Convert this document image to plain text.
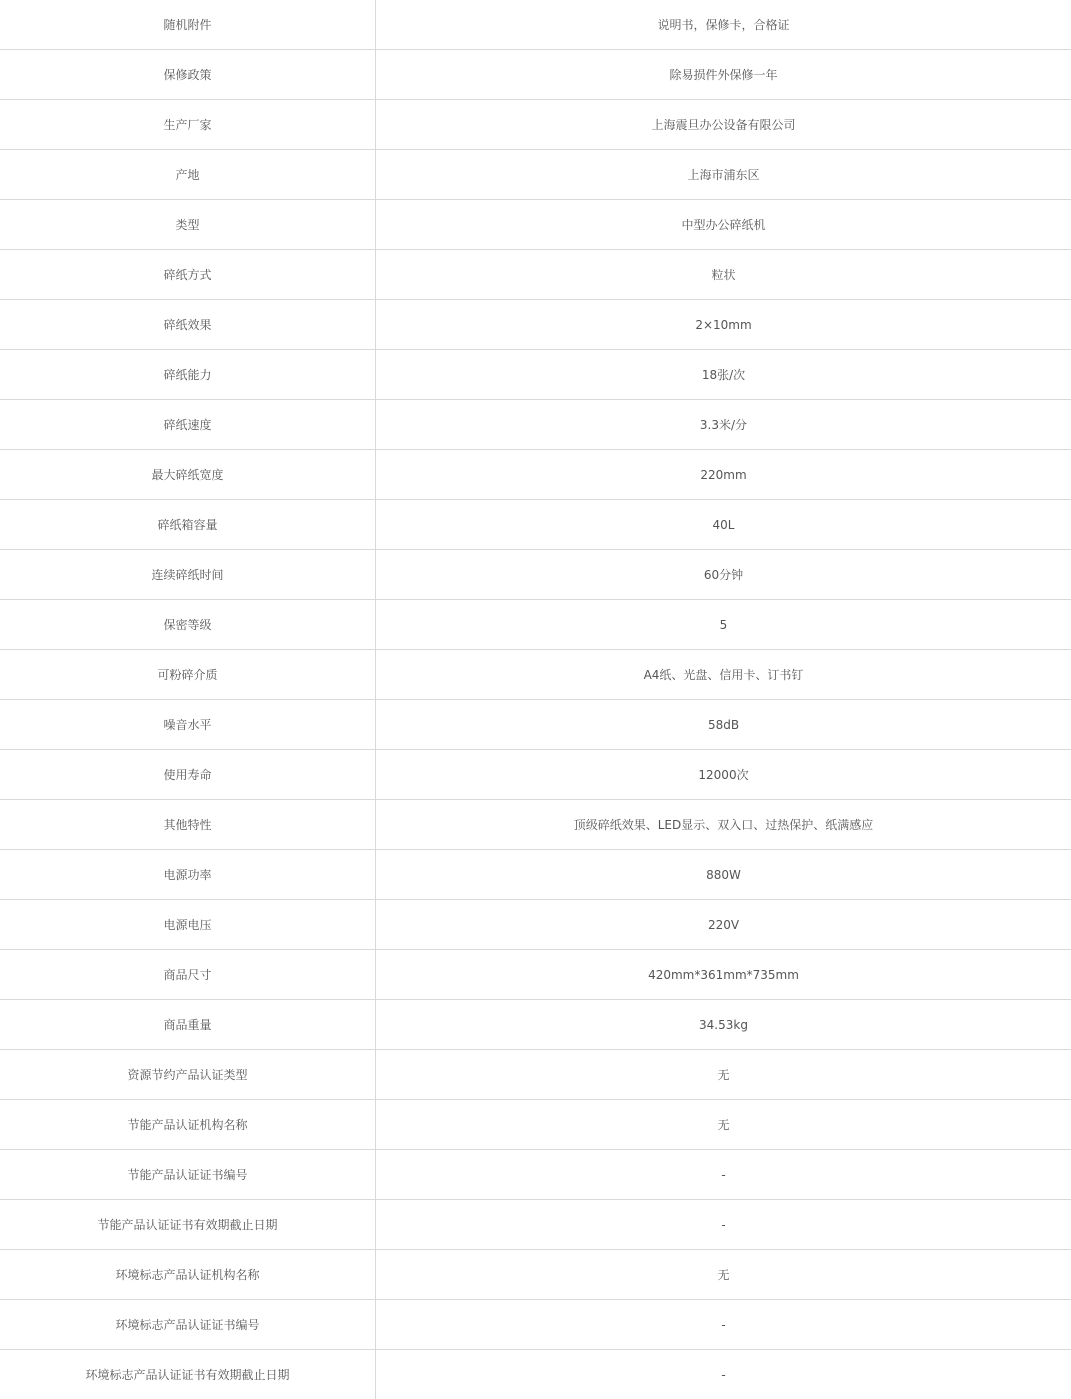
随机附件	说明书，保修卡，合格证
保修政策	除易损件外保修一年
生产厂家	上海震旦办公设备有限公司
产地	上海市浦东区
类型	中型办公碎纸机
碎纸方式	粒状
碎纸效果	2×10mm
碎纸能力	18张/次
碎纸速度	3.3米/分
最大碎纸宽度	220mm
碎纸箱容量	40L
连续碎纸时间	60分钟
保密等级	5
可粉碎介质	A4纸、光盘、信用卡、订书钉
噪音水平	58dB
使用寿命	12000次
其他特性	顶级碎纸效果、LED显示、双入口、过热保护、纸满感应
电源功率	880W
电源电压	220V
商品尺寸	420mm*361mm*735mm
商品重量	34.53kg
资源节约产品认证类型	无
节能产品认证机构名称	无
节能产品认证证书编号	-
节能产品认证证书有效期截止日期	-
环境标志产品认证机构名称	无
环境标志产品认证证书编号	-
环境标志产品认证证书有效期截止日期	-
